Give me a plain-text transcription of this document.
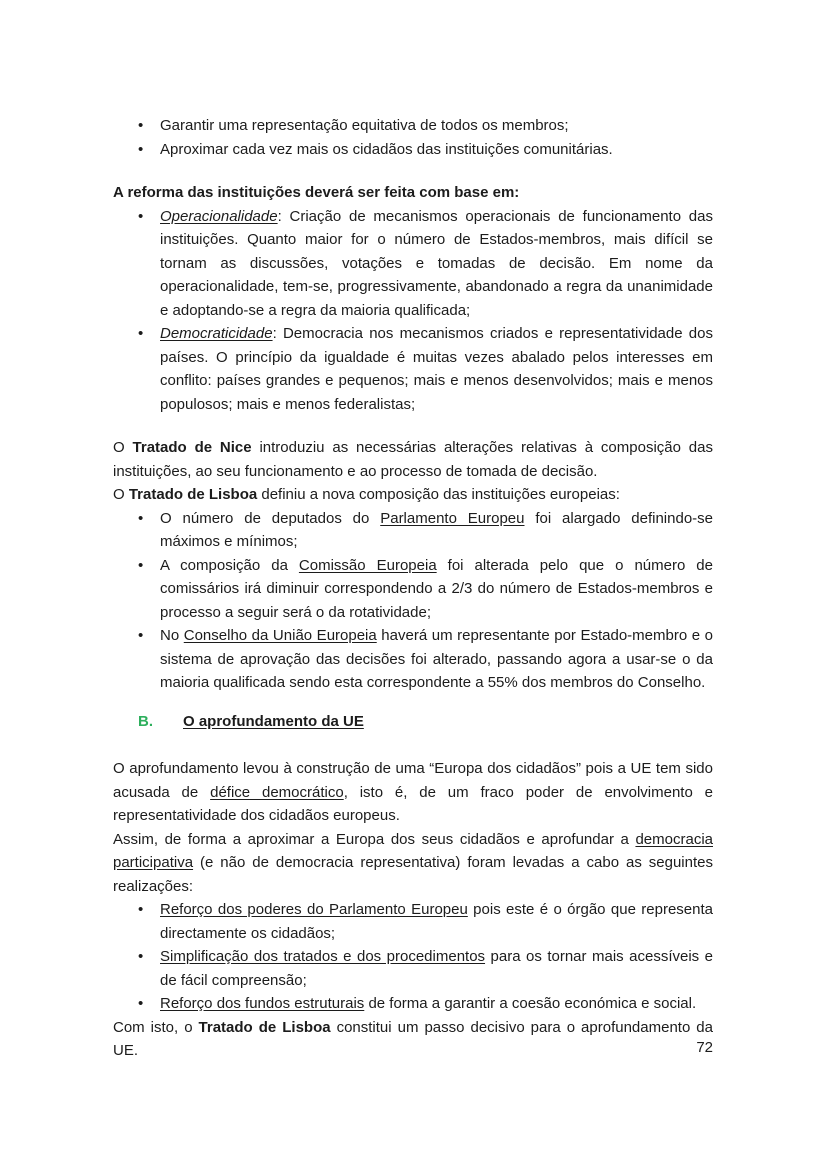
• Garantir uma representação equitativa de todos os membros;
• Aproximar cada vez mais os cidadãos das instituições comunitárias.

A reforma das instituições deverá ser feita com base em:

• Operacionalidade: Criação de mecanismos operacionais de funcionamento das instituições. Quanto maior for o número de Estados-membros, mais difícil se tornam as discussões, votações e tomadas de decisão. Em nome da operacionalidade, tem-se, progressivamente, abandonado a regra da unanimidade e adoptando-se a regra da maioria qualificada;
• Democraticidade: Democracia nos mecanismos criados e representatividade dos países. O princípio da igualdade é muitas vezes abalado pelos interesses em conflito: países grandes e pequenos; mais e menos desenvolvidos; mais e menos populosos; mais e menos federalistas;

O Tratado de Nice introduziu as necessárias alterações relativas à composição das instituições, ao seu funcionamento e ao processo de tomada de decisão.

O Tratado de Lisboa definiu a nova composição das instituições europeias:

• O número de deputados do Parlamento Europeu foi alargado definindo-se máximos e mínimos;
• A composição da Comissão Europeia foi alterada pelo que o número de comissários irá diminuir correspondendo a 2/3 do número de Estados-membros e processo a seguir será o da rotatividade;
• No Conselho da União Europeia haverá um representante por Estado-membro e o sistema de aprovação das decisões foi alterado, passando agora a usar-se o da maioria qualificada sendo esta correspondente a 55% dos membros do Conselho.
B.	O aprofundamento da UE

O aprofundamento levou à construção de uma “Europa dos cidadãos” pois a UE tem sido acusada de défice democrático, isto é, de um fraco poder de envolvimento e representatividade dos cidadãos europeus.

Assim, de forma a aproximar a Europa dos seus cidadãos e aprofundar a democracia participativa (e não de democracia representativa) foram levadas a cabo as seguintes realizações:

• Reforço dos poderes do Parlamento Europeu pois este é o órgão que representa directamente os cidadãos;
• Simplificação dos tratados e dos procedimentos para os tornar mais acessíveis e de fácil compreensão;
• Reforço dos fundos estruturais de forma a garantir a coesão económica e social.

Com isto, o Tratado de Lisboa constitui um passo decisivo para o aprofundamento da UE.	72
